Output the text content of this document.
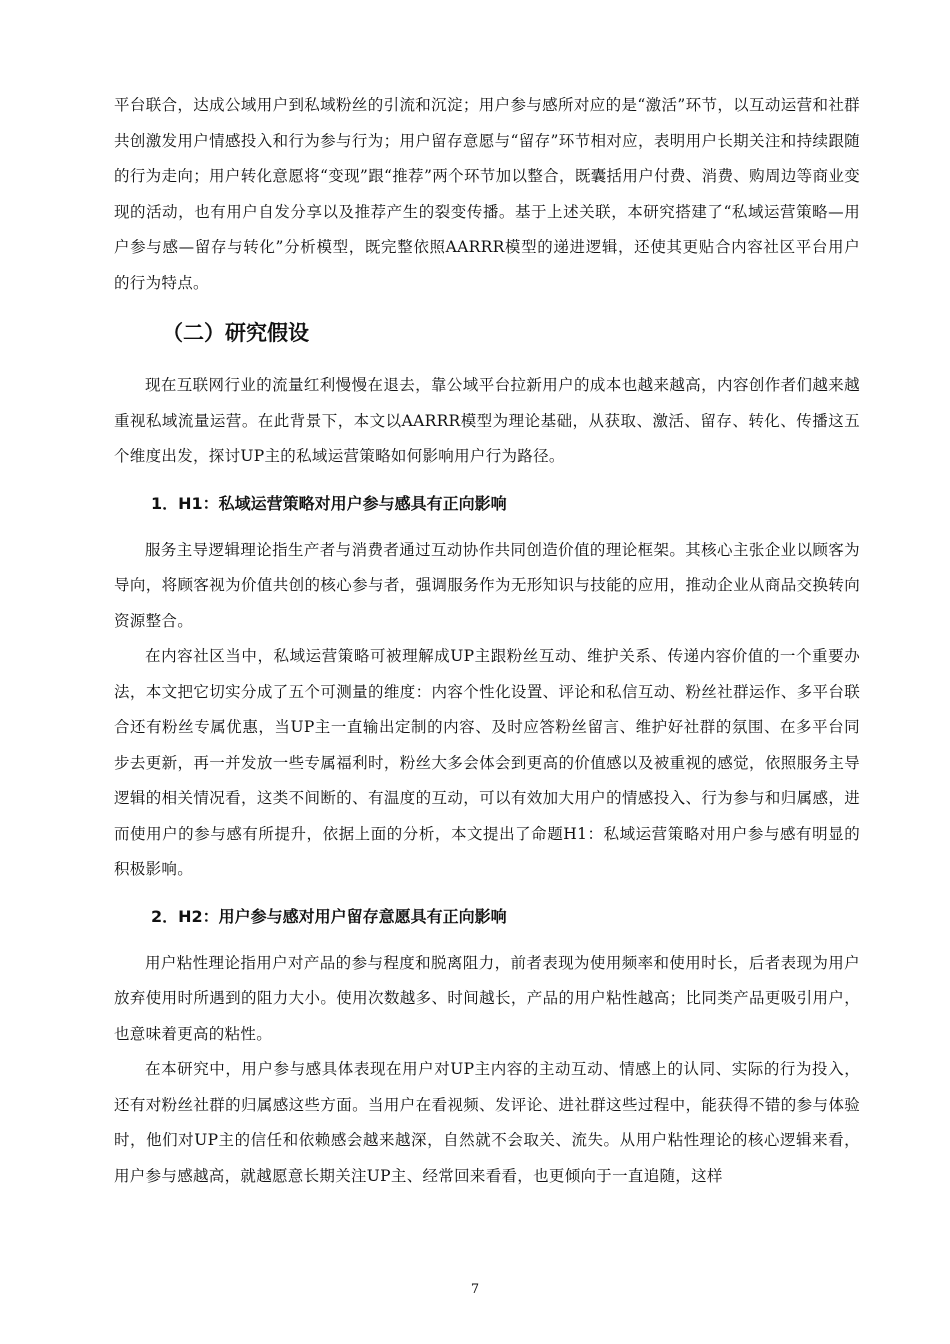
平台联合，达成公域用户到私域粉丝的引流和沉淀；用户参与感所对应的是“激活”环节，以互动运营和社群共创激发用户情感投入和行为参与行为；用户留存意愿与“留存”环节相对应，表明用户长期关注和持续跟随的行为走向；用户转化意愿将“变现”跟“推荐”两个环节加以整合，既囊括用户付费、消费、购周边等商业变现的活动，也有用户自发分享以及推荐产生的裂变传播。基于上述关联，本研究搭建了“私域运营策略—用户参与感—留存与转化”分析模型，既完整依照AARRR模型的递进逻辑，还使其更贴合内容社区平台用户的行为特点。

（二）研究假设

现在互联网行业的流量红利慢慢在退去，靠公域平台拉新用户的成本也越来越高，内容创作者们越来越重视私域流量运营。在此背景下，本文以AARRR模型为理论基础，从获取、激活、留存、转化、传播这五个维度出发，探讨UP主的私域运营策略如何影响用户行为路径。

1．H1：私域运营策略对用户参与感具有正向影响

服务主导逻辑理论指生产者与消费者通过互动协作共同创造价值的理论框架。其核心主张企业以顾客为导向，将顾客视为价值共创的核心参与者，强调服务作为无形知识与技能的应用，推动企业从商品交换转向资源整合。

在内容社区当中，私域运营策略可被理解成UP主跟粉丝互动、维护关系、传递内容价值的一个重要办法，本文把它切实分成了五个可测量的维度：内容个性化设置、评论和私信互动、粉丝社群运作、多平台联合还有粉丝专属优惠，当UP主一直输出定制的内容、及时应答粉丝留言、维护好社群的氛围、在多平台同步去更新，再一并发放一些专属福利时，粉丝大多会体会到更高的价值感以及被重视的感觉，依照服务主导逻辑的相关情况看，这类不间断的、有温度的互动，可以有效加大用户的情感投入、行为参与和归属感，进而使用户的参与感有所提升，依据上面的分析，本文提出了命题H1：私域运营策略对用户参与感有明显的积极影响。

2．H2：用户参与感对用户留存意愿具有正向影响

用户粘性理论指用户对产品的参与程度和脱离阻力，前者表现为使用频率和使用时长，后者表现为用户放弃使用时所遇到的阻力大小。使用次数越多、时间越长，产品的用户粘性越高；比同类产品更吸引用户，也意味着更高的粘性。

在本研究中，用户参与感具体表现在用户对UP主内容的主动互动、情感上的认同、实际的行为投入，还有对粉丝社群的归属感这些方面。当用户在看视频、发评论、进社群这些过程中，能获得不错的参与体验时，他们对UP主的信任和依赖感会越来越深，自然就不会取关、流失。从用户粘性理论的核心逻辑来看，用户参与感越高，就越愿意长期关注UP主、经常回来看看，也更倾向于一直追随，这样

7
